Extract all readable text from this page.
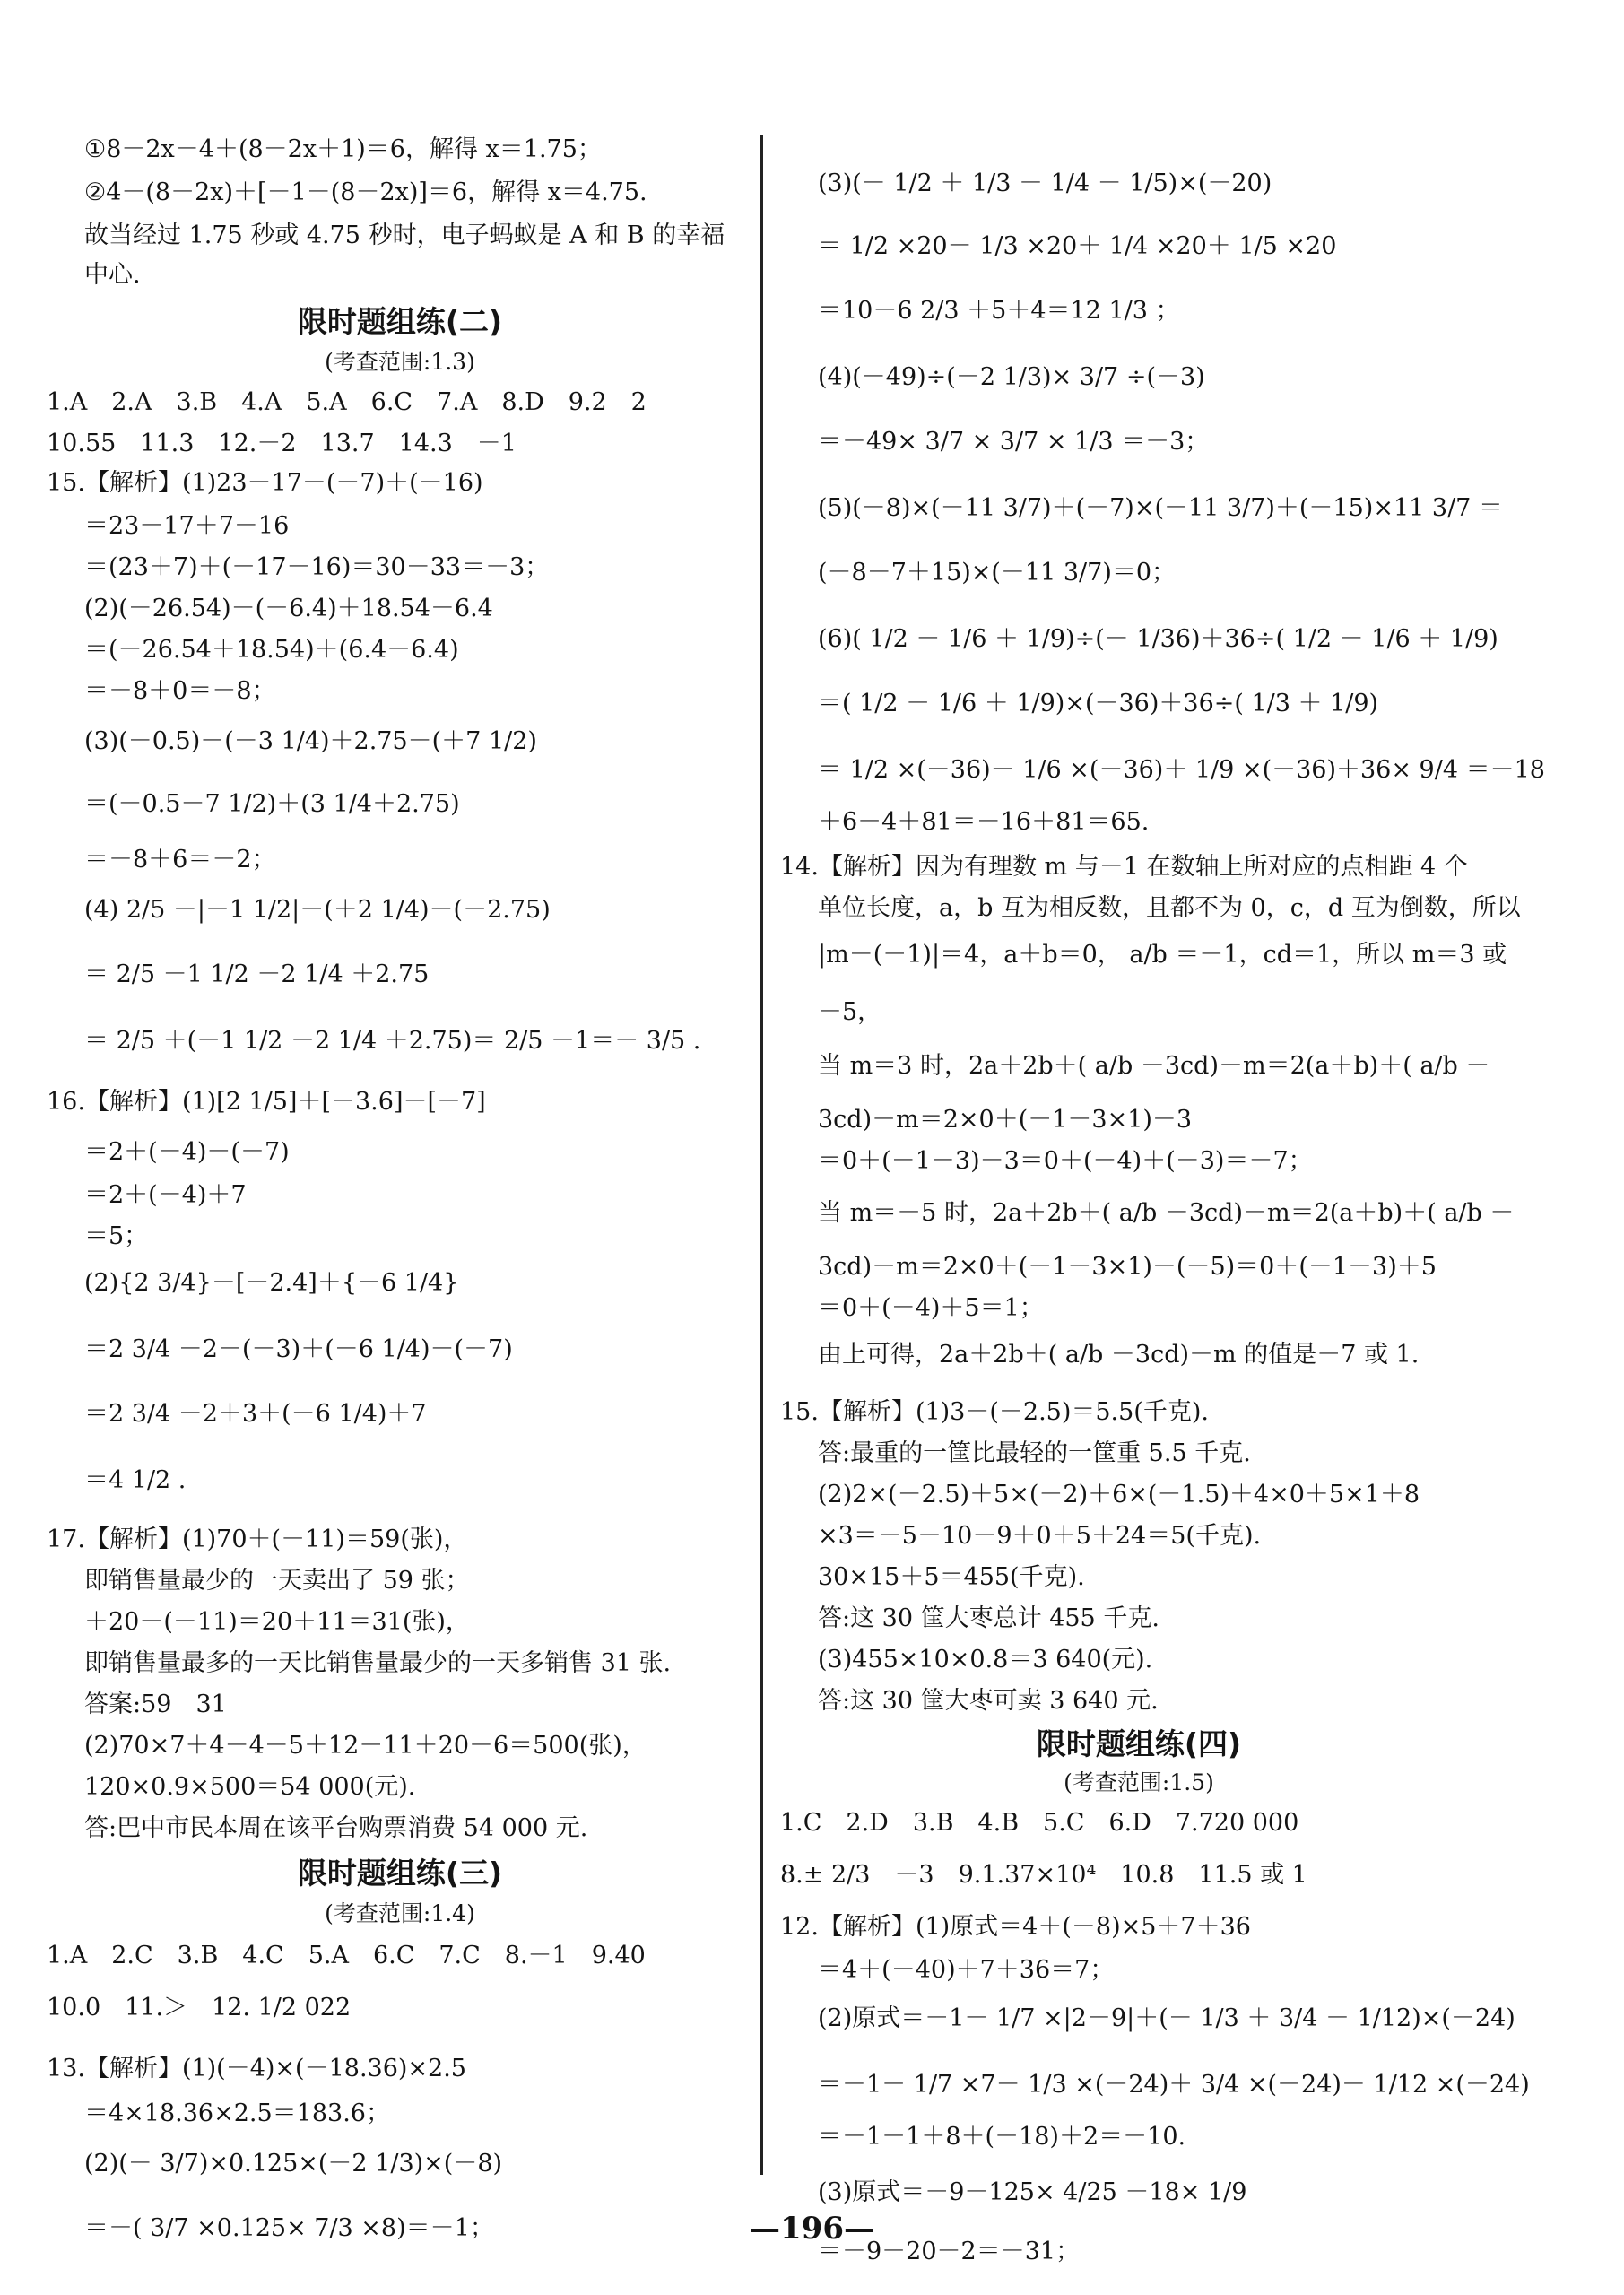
①8－2x－4＋(8－2x＋1)＝6，解得 x＝1.75；
②4－(8－2x)＋[－1－(8－2x)]＝6，解得 x＝4.75.
故当经过 1.75 秒或 4.75 秒时，电子蚂蚁是 A 和 B 的幸福
中心.
限时题组练(二)
(考查范围:1.3)
1.A　2.A　3.B　4.A　5.A　6.C　7.A　8.D　9.2　2
10.55　11.3　12.－2　13.7　14.3　－1
15.【解析】(1)23－17－(－7)＋(－16)
＝23－17＋7－16
＝(23＋7)＋(－17－16)＝30－33＝－3；
(2)(－26.54)－(－6.4)＋18.54－6.4
＝(－26.54＋18.54)＋(6.4－6.4)
＝－8＋0＝－8；
(3)(－0.5)－(－3 1/4)＋2.75－(＋7 1/2)
＝(－0.5－7 1/2)＋(3 1/4＋2.75)
＝－8＋6＝－2；
(4) 2/5 －|－1 1/2|－(＋2 1/4)－(－2.75)
＝ 2/5 －1 1/2 －2 1/4 ＋2.75
＝ 2/5 ＋(－1 1/2 －2 1/4 ＋2.75)＝ 2/5 －1＝－ 3/5 .
16.【解析】(1)[2 1/5]＋[－3.6]－[－7]
＝2＋(－4)－(－7)
＝2＋(－4)＋7
＝5；
(2){2 3/4}－[－2.4]＋{－6 1/4}
＝2 3/4 －2－(－3)＋(－6 1/4)－(－7)
＝2 3/4 －2＋3＋(－6 1/4)＋7
＝4 1/2 .
17.【解析】(1)70＋(－11)＝59(张)，
即销售量最少的一天卖出了 59 张；
＋20－(－11)＝20＋11＝31(张)，
即销售量最多的一天比销售量最少的一天多销售 31 张.
答案:59　31
(2)70×7＋4－4－5＋12－11＋20－6＝500(张)，
120×0.9×500＝54 000(元).
答:巴中市民本周在该平台购票消费 54 000 元.
限时题组练(三)
(考查范围:1.4)
1.A　2.C　3.B　4.C　5.A　6.C　7.C　8.－1　9.40
10.0　11.＞　12. 1/2 022
13.【解析】(1)(－4)×(－18.36)×2.5
＝4×18.36×2.5＝183.6；
(2)(－ 3/7)×0.125×(－2 1/3)×(－8)
＝－( 3/7 ×0.125× 7/3 ×8)＝－1；
(3)(－ 1/2 ＋ 1/3 － 1/4 － 1/5)×(－20)
＝ 1/2 ×20－ 1/3 ×20＋ 1/4 ×20＋ 1/5 ×20
＝10－6 2/3 ＋5＋4＝12 1/3 ；
(4)(－49)÷(－2 1/3)× 3/7 ÷(－3)
＝－49× 3/7 × 3/7 × 1/3 ＝－3；
(5)(－8)×(－11 3/7)＋(－7)×(－11 3/7)＋(－15)×11 3/7 ＝
(－8－7＋15)×(－11 3/7)＝0；
(6)( 1/2 － 1/6 ＋ 1/9)÷(－ 1/36)＋36÷( 1/2 － 1/6 ＋ 1/9)
＝( 1/2 － 1/6 ＋ 1/9)×(－36)＋36÷( 1/3 ＋ 1/9)
＝ 1/2 ×(－36)－ 1/6 ×(－36)＋ 1/9 ×(－36)＋36× 9/4 ＝－18
＋6－4＋81＝－16＋81＝65.
14.【解析】因为有理数 m 与－1 在数轴上所对应的点相距 4 个
单位长度，a，b 互为相反数，且都不为 0，c，d 互为倒数，所以
|m－(－1)|＝4，a＋b＝0， a/b ＝－1，cd＝1，所以 m＝3 或
－5，
当 m＝3 时，2a＋2b＋( a/b －3cd)－m＝2(a＋b)＋( a/b －
3cd)－m＝2×0＋(－1－3×1)－3
＝0＋(－1－3)－3＝0＋(－4)＋(－3)＝－7；
当 m＝－5 时，2a＋2b＋( a/b －3cd)－m＝2(a＋b)＋( a/b －
3cd)－m＝2×0＋(－1－3×1)－(－5)＝0＋(－1－3)＋5
＝0＋(－4)＋5＝1；
由上可得，2a＋2b＋( a/b －3cd)－m 的值是－7 或 1.
15.【解析】(1)3－(－2.5)＝5.5(千克).
答:最重的一筐比最轻的一筐重 5.5 千克.
(2)2×(－2.5)＋5×(－2)＋6×(－1.5)＋4×0＋5×1＋8
×3＝－5－10－9＋0＋5＋24＝5(千克).
30×15＋5＝455(千克).
答:这 30 筐大枣总计 455 千克.
(3)455×10×0.8＝3 640(元).
答:这 30 筐大枣可卖 3 640 元.
限时题组练(四)
(考查范围:1.5)
1.C　2.D　3.B　4.B　5.C　6.D　7.720 000
8.± 2/3　－3　9.1.37×10⁴　10.8　11.5 或 1
12.【解析】(1)原式＝4＋(－8)×5＋7＋36
＝4＋(－40)＋7＋36＝7；
(2)原式＝－1－ 1/7 ×|2－9|＋(－ 1/3 ＋ 3/4 － 1/12)×(－24)
＝－1－ 1/7 ×7－ 1/3 ×(－24)＋ 3/4 ×(－24)－ 1/12 ×(－24)
＝－1－1＋8＋(－18)＋2＝－10.
(3)原式＝－9－125× 4/25 －18× 1/9
＝－9－20－2＝－31；
—196—
